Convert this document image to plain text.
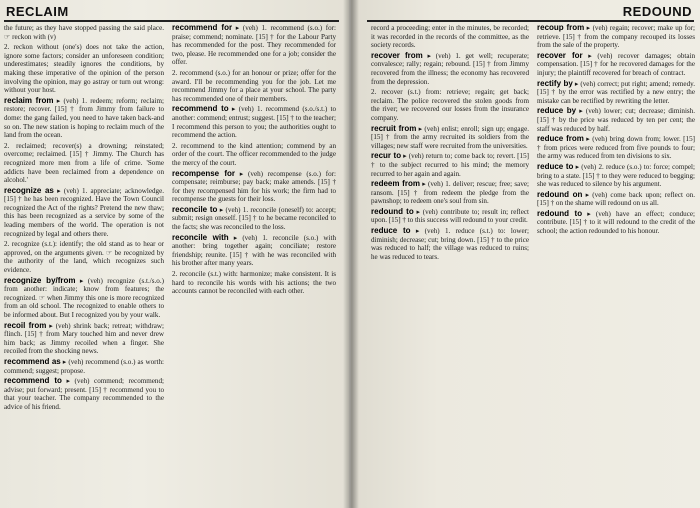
RECLAIM
the future; as they have stopped passing the said place. ☞ reckon with (v)
2. reckon without (one's) does not take the action, ignore some factors; consider an unforeseen condition; underestimates; steadily ignores the conditions, by making these imperative of the opinion of the person involving the opinion, may go astray or turn out wrong: without your host.
reclaim from ▸ (veh) 1. redeem; reform; reclaim; restore; recover. [15] † from Jimmy from failure to dome: the gang failed, you need to have taken back-and so on. The new station is hoping to reclaim much of the land from the ocean.
2. reclaimed; recover(s) a drowning; reinstated; overcome; reclaimed. [15] † Jimmy. The Church has recognized more men from a life of crime. 'Some addicts have been reclaimed from a dependence on alcohol.'
recognize as ▸ (veh) 1. appreciate; acknowledge. [15] † he has been recognized. Have the Town Council recognized the Act of the rights? Pretend the new thaw; this has been recognized as a service by some of the leading members of the world. The operation is not recognized by legal and others there.
2. recognize (s.t.): identify; the old stand as to hear or approved, on the arguments given. ☞ be recognized by the authority of the land, which recognizes such evidence.
recognize by/from ▸ (veh) recognize (s.t./s.o.) from another: indicate; know from features; the recognized. ☞ when Jimmy this one is more recognized from an old school. The recognized to enable others to be informed about. But I recognized you by your walk.
recoil from ▸ (veh) shrink back; retreat; withdraw; flinch. [15] † from Mary touched him and never drew him back; as Jimmy recoiled when a finger. She recoiled from the shocking news.
recommend as ▸ (veh) recommend (s.o.) as worth: commend; suggest; propose.
recommend to ▸ (veh) commend; recommend; advise; put forward; present. [15] † recommend you to that your teacher. The company recommended to the advice of his friend.
recommend for ▸ (veh) 1. recommend (s.o.) for: praise; commend; nominate. [15] † for the Labour Party has recommended for the post. They recommended for two, please. He recommended one for a job; consider the offer.
2. recommend (s.o.) for an honour or prize; offer for the award. I'll be recommending you for the job. Let me recommend Jimmy for a place at your school. The party has recommended one of their members.
recommend to ▸ (veh) 1. recommend (s.o./s.t.) to another: commend; entrust; suggest. [15] † to the teacher; I recommend this person to you; the authorities ought to recommend the action.
2. recommend to the kind attention; commend by an order of the court. The officer recommended to the judge the mercy of the court.
recompense for ▸ (veh) recompense (s.o.) for: compensate; reimburse; pay back; make amends. [15] † for they recompensed him for his work; the firm had to recompense the guests for their loss.
reconcile to ▸ (veh) 1. reconcile (oneself) to: accept; submit; resign oneself. [15] † to he became reconciled to the facts; she was reconciled to the loss.
reconcile with ▸ (veh) 1. reconcile (s.o.) with another: bring together again; conciliate; restore friendship; reunite. [15] † with he was reconciled with his brother after many years.
2. reconcile (s.t.) with: harmonize; make consistent. It is hard to reconcile his words with his actions; the two accounts cannot be reconciled with each other.
REDOUND
record a proceeding; enter in the minutes, be recorded; it was recorded in the records of the committee, as the society records.
recover from ▸ (veh) 1. get well; recuperate; convalesce; rally; regain; rebound. [15] † from Jimmy recovered from the illness; the economy has recovered from the depression.
2. recover (s.t.) from: retrieve; regain; get back; reclaim. The police recovered the stolen goods from the river; we recovered our losses from the insurance company.
recruit from ▸ (veh) enlist; enroll; sign up; engage. [15] † from the army recruited its soldiers from the villages; new staff were recruited from the universities.
recur to ▸ (veh) return to; come back to; revert. [15] † to the subject recurred to his mind; the memory recurred to her again and again.
redeem from ▸ (veh) 1. deliver; rescue; free; save; ransom. [15] † from redeem the pledge from the pawnshop; to redeem one's soul from sin.
redound to ▸ (veh) contribute to; result in; reflect upon. [15] † to this success will redound to your credit.
reduce to ▸ (veh) 1. reduce (s.t.) to: lower; diminish; decrease; cut; bring down. [15] † to the price was reduced to half; the village was reduced to ruins; he was reduced to tears.
recoup from ▸ (veh) regain; recover; make up for; retrieve. [15] † from the company recouped its losses from the sale of the property.
recover for ▸ (veh) recover damages; obtain compensation. [15] † for he recovered damages for the injury; the plaintiff recovered for breach of contract.
rectify by ▸ (veh) correct; put right; amend; remedy. [15] † by the error was rectified by a new entry; the mistake can be rectified by rewriting the letter.
reduce by ▸ (veh) lower; cut; decrease; diminish. [15] † by the price was reduced by ten per cent; the staff was reduced by half.
reduce from ▸ (veh) bring down from; lower. [15] † from prices were reduced from five pounds to four; the army was reduced from ten divisions to six.
reduce to ▸ (veh) 2. reduce (s.o.) to: force; compel; bring to a state. [15] † to they were reduced to begging; she was reduced to silence by his argument.
redound on ▸ (veh) come back upon; reflect on. [15] † on the shame will redound on us all.
redound to ▸ (veh) have an effect; conduce; contribute. [15] † to it will redound to the credit of the school; the action redounded to his honour.
